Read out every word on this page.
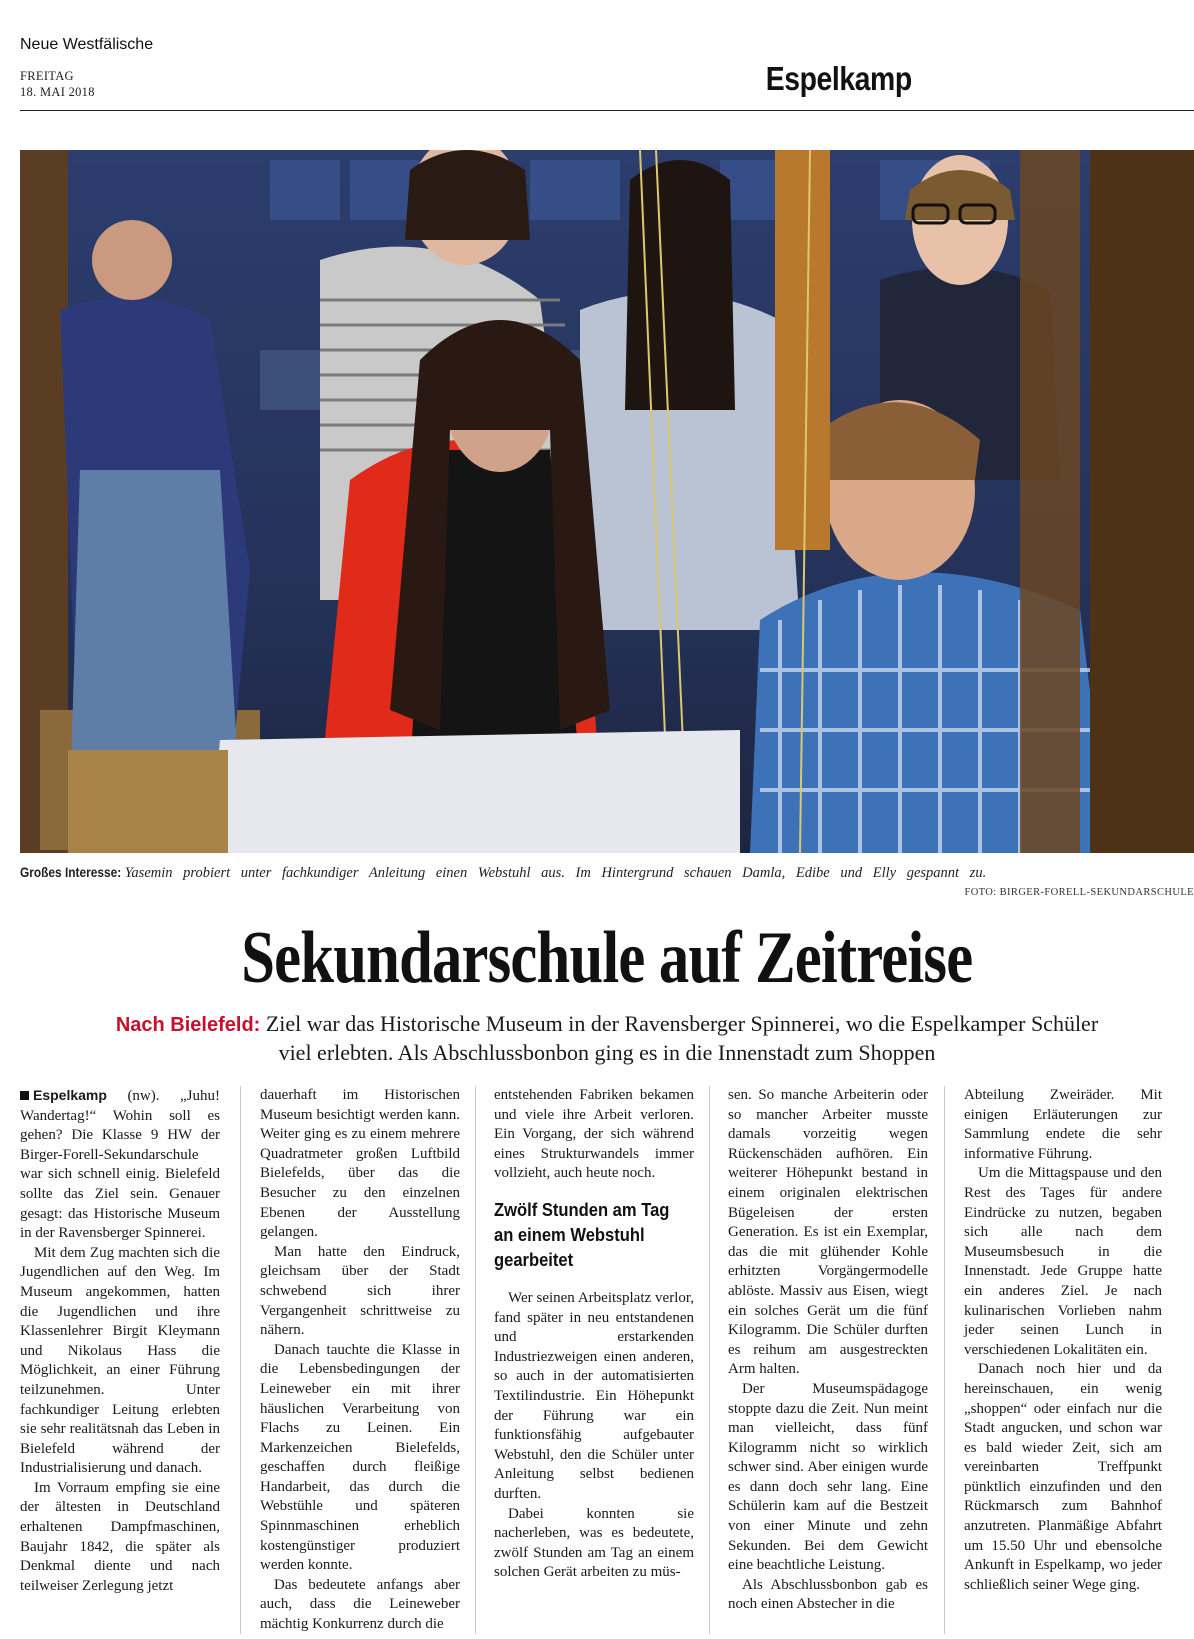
Neue Westfälische
FREITAG
18. MAI 2018	Espelkamp
Großes Interesse: Yasemin probiert unter fachkundiger Anleitung einen Webstuhl aus. Im Hintergrund schauen Damla, Edibe und Elly gespannt zu.
FOTO: BIRGER-FORELL-SEKUNDARSCHULE
Sekundarschule auf Zeitreise
Nach Bielefeld: Ziel war das Historische Museum in der Ravensberger Spinnerei, wo die Espelkamper Schüler
viel erlebten. Als Abschlussbonbon ging es in die Innenstadt zum Shoppen

Espelkamp (nw). „Juhu! Wandertag!“ Wohin soll es gehen? Die Klasse 9 HW der Birger-Forell-Sekundarschule war sich schnell einig. Bielefeld sollte das Ziel sein. Genauer gesagt: das Historische Museum in der Ravensberger Spinnerei.

Mit dem Zug machten sich die Jugendlichen auf den Weg. Im Museum angekommen, hatten die Jugendlichen und ihre Klassenlehrer Birgit Kleymann und Nikolaus Hass die Möglichkeit, an einer Führung teilzunehmen. Unter fachkundiger Leitung erlebten sie sehr realitätsnah das Leben in Bielefeld während der Industrialisierung und danach.

Im Vorraum empfing sie eine der ältesten in Deutschland erhaltenen Dampfmaschinen, Baujahr 1842, die später als Denkmal diente und nach teilweiser Zerlegung jetzt

dauerhaft im Historischen Museum besichtigt werden kann. Weiter ging es zu einem mehrere Quadratmeter großen Luftbild Bielefelds, über das die Besucher zu den einzelnen Ebenen der Ausstellung gelangen.

Man hatte den Eindruck, gleichsam über der Stadt schwebend sich ihrer Vergangenheit schrittweise zu nähern.

Danach tauchte die Klasse in die Lebensbedingungen der Leineweber ein mit ihrer häuslichen Verarbeitung von Flachs zu Leinen. Ein Markenzeichen Bielefelds, geschaffen durch fleißige Handarbeit, das durch die Webstühle und späteren Spinnmaschinen erheblich kostengünstiger produziert werden konnte.

Das bedeutete anfangs aber auch, dass die Leineweber mächtig Konkurrenz durch die

entstehenden Fabriken bekamen und viele ihre Arbeit verloren. Ein Vorgang, der sich während eines Strukturwandels immer vollzieht, auch heute noch.

Zwölf Stunden am Tag an einem Webstuhl gearbeitet

Wer seinen Arbeitsplatz verlor, fand später in neu entstandenen und erstarkenden Industriezweigen einen anderen, so auch in der automatisierten Textilindustrie. Ein Höhepunkt der Führung war ein funktionsfähig aufgebauter Webstuhl, den die Schüler unter Anleitung selbst bedienen durften.

Dabei konnten sie nacherleben, was es bedeutete, zwölf Stunden am Tag an einem solchen Gerät arbeiten zu müs-

sen. So manche Arbeiterin oder so mancher Arbeiter musste damals vorzeitig wegen Rückenschäden aufhören. Ein weiterer Höhepunkt bestand in einem originalen elektrischen Bügeleisen der ersten Generation. Es ist ein Exemplar, das die mit glühender Kohle erhitzten Vorgängermodelle ablöste. Massiv aus Eisen, wiegt ein solches Gerät um die fünf Kilogramm. Die Schüler durften es reihum am ausgestreckten Arm halten.

Der Museumspädagoge stoppte dazu die Zeit. Nun meint man vielleicht, dass fünf Kilogramm nicht so wirklich schwer sind. Aber einigen wurde es dann doch sehr lang. Eine Schülerin kam auf die Bestzeit von einer Minute und zehn Sekunden. Bei dem Gewicht eine beachtliche Leistung.

Als Abschlussbonbon gab es noch einen Abstecher in die

Abteilung Zweiräder. Mit einigen Erläuterungen zur Sammlung endete die sehr informative Führung.

Um die Mittagspause und den Rest des Tages für andere Eindrücke zu nutzen, begaben sich alle nach dem Museumsbesuch in die Innenstadt. Jede Gruppe hatte ein anderes Ziel. Je nach kulinarischen Vorlieben nahm jeder seinen Lunch in verschiedenen Lokalitäten ein.

Danach noch hier und da hereinschauen, ein wenig „shoppen“ oder einfach nur die Stadt angucken, und schon war es bald wieder Zeit, sich am vereinbarten Treffpunkt pünktlich einzufinden und den Rückmarsch zum Bahnhof anzutreten. Planmäßige Abfahrt um 15.50 Uhr und ebensolche Ankunft in Espelkamp, wo jeder schließlich seiner Wege ging.
